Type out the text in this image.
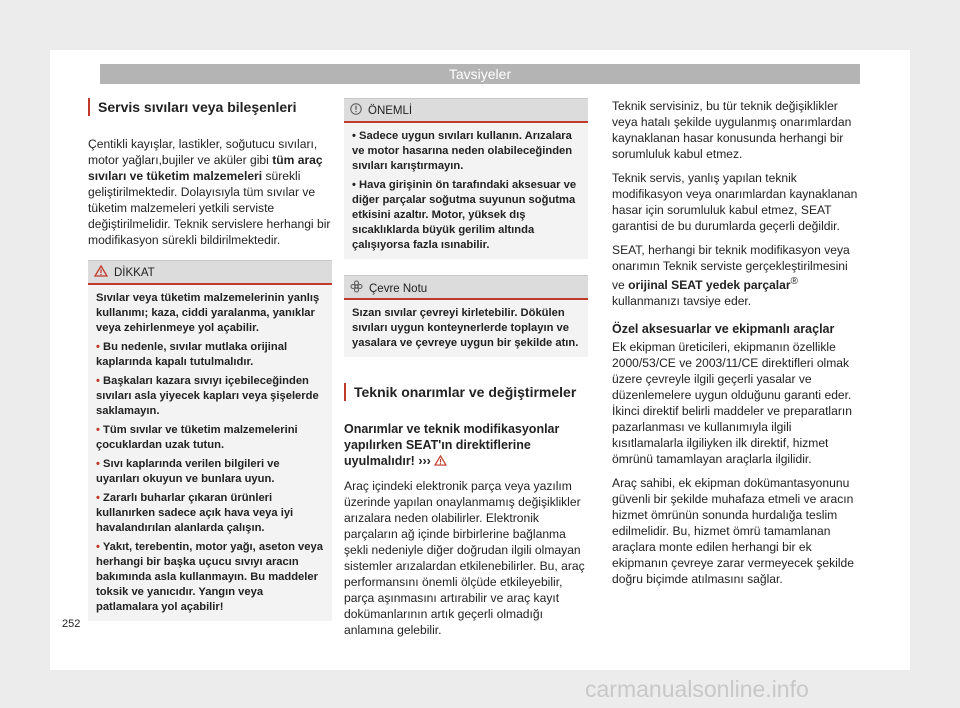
Tavsiyeler
Servis sıvıları veya bileşenleri

Çentikli kayışlar, lastikler, soğutucu sıvıları, motor yağları,bujiler ve aküler gibi tüm araç sıvıları ve tüketim malzemeleri sürekli geliştirilmektedir. Dolayısıyla tüm sıvılar ve tüketim malzemeleri yetkili serviste değiştirilmelidir. Teknik servislere herhangi bir modifikasyon sürekli bildirilmektedir.

DİKKAT
Sıvılar veya tüketim malzemelerinin yanlış kullanımı; kaza, ciddi yaralanma, yanıklar veya zehirlenmeye yol açabilir.
• Bu nedenle, sıvılar mutlaka orijinal kaplarında kapalı tutulmalıdır.
• Başkaları kazara sıvıyı içebileceğinden sıvıları asla yiyecek kapları veya şişelerde saklamayın.
• Tüm sıvılar ve tüketim malzemelerini çocuklardan uzak tutun.
• Sıvı kaplarında verilen bilgileri ve uyarıları okuyun ve bunlara uyun.
• Zararlı buharlar çıkaran ürünleri kullanırken sadece açık hava veya iyi havalandırılan alanlarda çalışın.
• Yakıt, terebentin, motor yağı, aseton veya herhangi bir başka uçucu sıvıyı aracın bakımında asla kullanmayın. Bu maddeler toksik ve yanıcıdır. Yangın veya patlamalara yol açabilir!
ÖNEMLİ
• Sadece uygun sıvıları kullanın. Arızalara ve motor hasarına neden olabileceğinden sıvıları karıştırmayın.
• Hava girişinin ön tarafındaki aksesuar ve diğer parçalar soğutma suyunun soğutma etkisini azaltır. Motor, yüksek dış sıcaklıklarda büyük gerilim altında çalışıyorsa fazla ısınabilir.
Çevre Notu
Sızan sıvılar çevreyi kirletebilir. Dökülen sıvıları uygun konteynerlerde toplayın ve yasalara ve çevreye uygun bir şekilde atın.
Teknik onarımlar ve değiştirmeler

Onarımlar ve teknik modifikasyonlar yapılırken SEAT'ın direktiflerine uyulmalıdır! ›››

Araç içindeki elektronik parça veya yazılım üzerinde yapılan onaylanmamış değişiklikler arızalara neden olabilirler. Elektronik parçaların ağ içinde birbirlerine bağlanma şekli nedeniyle diğer doğrudan ilgili olmayan sistemler arızalardan etkilenebilirler. Bu, araç performansını önemli ölçüde etkileyebilir, parça aşınmasını artırabilir ve araç kayıt dokümanlarının artık geçerli olmadığı anlamına gelebilir.

Teknik servisiniz, bu tür teknik değişiklikler veya hatalı şekilde uygulanmış onarımlardan kaynaklanan hasar konusunda herhangi bir sorumluluk kabul etmez.

Teknik servis, yanlış yapılan teknik modifikasyon veya onarımlardan kaynaklanan hasar için sorumluluk kabul etmez, SEAT garantisi de bu durumlarda geçerli değildir.

SEAT, herhangi bir teknik modifikasyon veya onarımın Teknik serviste gerçekleştirilmesini ve orijinal SEAT yedek parçalar® kullanmanızı tavsiye eder.

Özel aksesuarlar ve ekipmanlı araçlar

Ek ekipman üreticileri, ekipmanın özellikle 2000/53/CE ve 2003/11/CE direktifleri olmak üzere çevreyle ilgili geçerli yasalar ve düzenlemelere uygun olduğunu garanti eder. İkinci direktif belirli maddeler ve preparatların pazarlanması ve kullanımıyla ilgili kısıtlamalarla ilgiliyken ilk direktif, hizmet ömrünü tamamlayan araçlarla ilgilidir.

Araç sahibi, ek ekipman dokümantasyonunu güvenli bir şekilde muhafaza etmeli ve aracın hizmet ömrünün sonunda hurdalığa teslim edilmelidir. Bu, hizmet ömrü tamamlanan araçlara monte edilen herhangi bir ek ekipmanın çevreye zarar vermeyecek şekilde doğru biçimde atılmasını sağlar.

252
carmanualsonline.info
